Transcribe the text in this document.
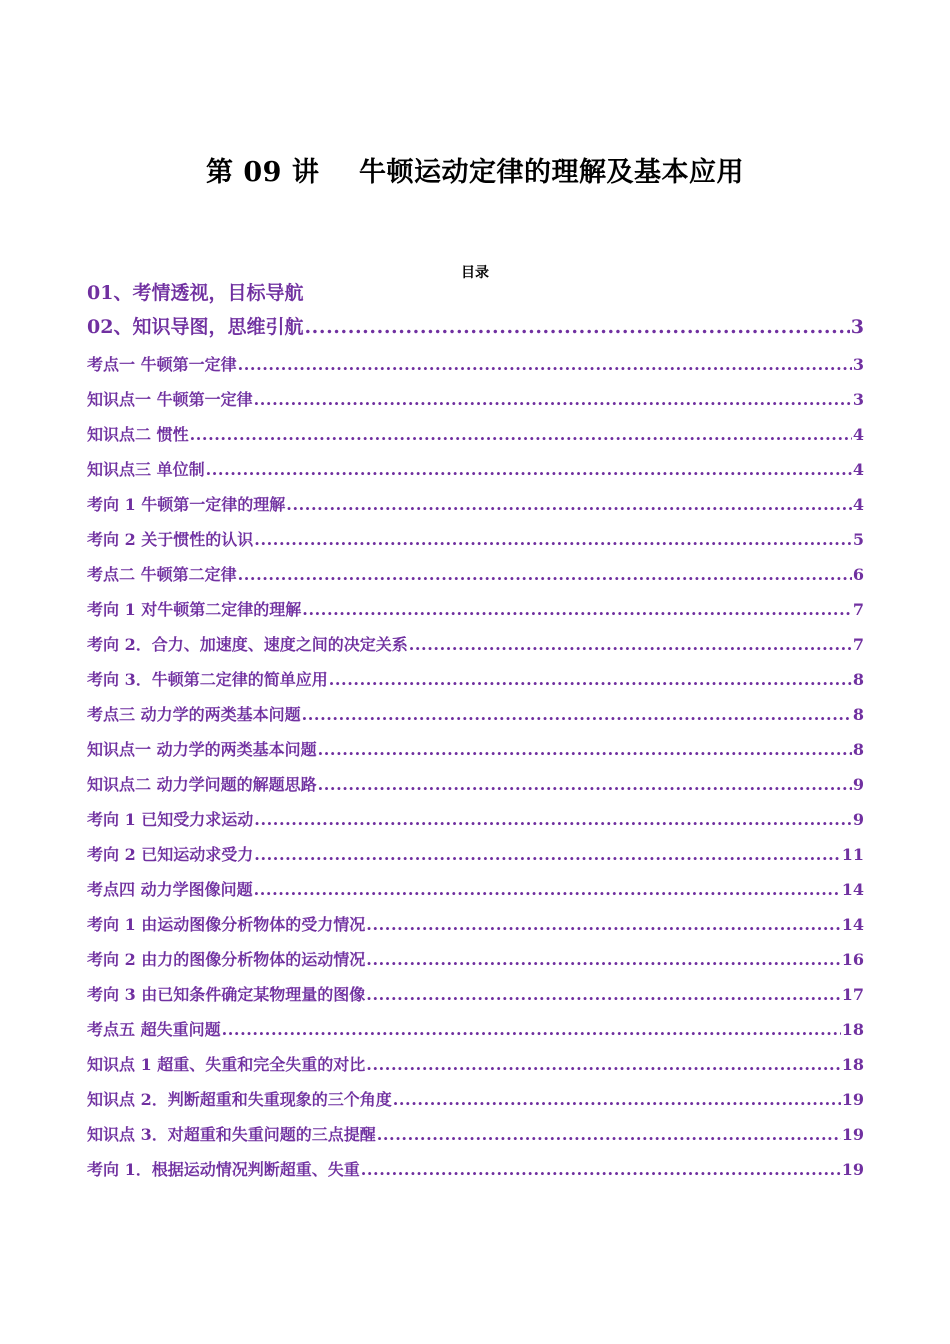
第 09 讲    牛顿运动定律的理解及基本应用
目录
01、考情透视，目标导航
02、知识导图，思维引航 .....	3
考点一 牛顿第一定律 .....	3
知识点一 牛顿第一定律 .....	3
知识点二 惯性 .....	4
知识点三 单位制 .....	4
考向 1 牛顿第一定律的理解 .....	4
考向 2 关于惯性的认识 .....	5
考点二 牛顿第二定律 .....	6
考向 1 对牛顿第二定律的理解 .....	7
考向 2．合力、加速度、速度之间的决定关系 .....	7
考向 3．牛顿第二定律的简单应用 .....	8
考点三 动力学的两类基本问题 .....	8
知识点一 动力学的两类基本问题 .....	8
知识点二 动力学问题的解题思路 .....	9
考向 1 已知受力求运动 .....	9
考向 2 已知运动求受力 .....	11
考点四 动力学图像问题 .....	14
考向 1 由运动图像分析物体的受力情况 .....	14
考向 2 由力的图像分析物体的运动情况 .....	16
考向 3 由已知条件确定某物理量的图像 .....	17
考点五 超失重问题 .....	18
知识点 1 超重、失重和完全失重的对比 .....	18
知识点 2．判断超重和失重现象的三个角度 .....	19
知识点 3．对超重和失重问题的三点提醒 .....	19
考向 1．根据运动情况判断超重、失重 .....	19
